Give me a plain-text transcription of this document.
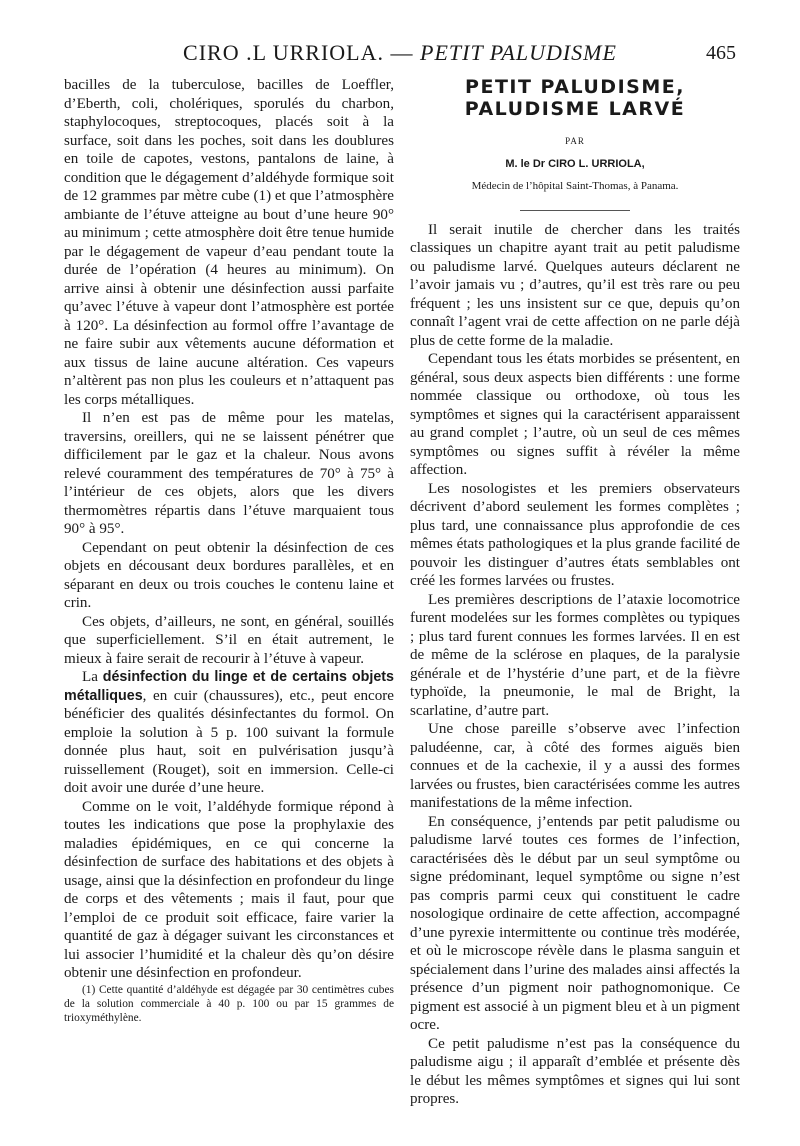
CIRO .L URRIOLA. — PETIT PALUDISME	465

bacilles de la tuberculose, bacilles de Loeffler, d’Eberth, coli, cholériques, sporulés du charbon, staphylocoques, streptocoques, placés soit à la surface, soit dans les poches, soit dans les doublures en toile de capotes, vestons, pantalons de laine, à condition que le dégagement d’aldéhyde formique soit de 12 grammes par mètre cube (1) et que l’atmosphère ambiante de l’étuve atteigne au bout d’une heure 90° au minimum ; cette atmosphère doit être tenue humide par le dégagement de vapeur d’eau pendant toute la durée de l’opération (4 heures au minimum). On arrive ainsi à obtenir une désinfection aussi parfaite qu’avec l’étuve à vapeur dont l’atmosphère est portée à 120°. La désinfection au formol offre l’avantage de ne faire subir aux vêtements aucune déformation et aux tissus de laine aucune altération. Ces vapeurs n’altèrent pas non plus les couleurs et n’attaquent pas les corps métalliques.

Il n’en est pas de même pour les matelas, traversins, oreillers, qui ne se laissent pénétrer que difficilement par le gaz et la chaleur. Nous avons relevé couramment des températures de 70° à 75° à l’intérieur de ces objets, alors que les divers thermomètres répartis dans l’étuve marquaient tous 90° à 95°.

Cependant on peut obtenir la désinfection de ces objets en décousant deux bordures parallèles, et en séparant en deux ou trois couches le contenu laine et crin.

Ces objets, d’ailleurs, ne sont, en général, souillés que superficiellement. S’il en était autrement, le mieux à faire serait de recourir à l’étuve à vapeur.

La désinfection du linge et de certains objets métalliques, en cuir (chaussures), etc., peut encore bénéficier des qualités désinfectantes du formol. On emploie la solution à 5 p. 100 suivant la formule donnée plus haut, soit en pulvérisation jusqu’à ruissellement (Rouget), soit en immersion. Celle-ci doit avoir une durée d’une heure.

Comme on le voit, l’aldéhyde formique répond à toutes les indications que pose la prophylaxie des maladies épidémiques, en ce qui concerne la désinfection de surface des habitations et des objets à usage, ainsi que la désinfection en profondeur du linge de corps et des vêtements ; mais il faut, pour que l’emploi de ce produit soit efficace, faire varier la quantité de gaz à dégager suivant les circonstances et lui associer l’humidité et la chaleur dès qu’on désire obtenir une désinfection en profondeur.

(1) Cette quantité d’aldéhyde est dégagée par 30 centimètres cubes de la solution commerciale à 40 p. 100 ou par 15 grammes de trioxyméthylène.

PETIT PALUDISME,
PALUDISME LARVÉ
PAR
M. le Dr CIRO L. URRIOLA,
Médecin de l’hôpital Saint-Thomas, à Panama.

Il serait inutile de chercher dans les traités classiques un chapitre ayant trait au petit paludisme ou paludisme larvé. Quelques auteurs déclarent ne l’avoir jamais vu ; d’autres, qu’il est très rare ou peu fréquent ; les uns insistent sur ce que, depuis qu’on connaît l’agent vrai de cette affection on ne parle déjà plus de cette forme de la maladie.

Cependant tous les états morbides se présentent, en général, sous deux aspects bien différents : une forme nommée classique ou orthodoxe, où tous les symptômes et signes qui la caractérisent apparaissent au grand complet ; l’autre, où un seul de ces mêmes symptômes ou signes suffit à révéler la même affection.

Les nosologistes et les premiers observateurs décrivent d’abord seulement les formes complètes ; plus tard, une connaissance plus approfondie de ces mêmes états pathologiques et la plus grande facilité de pouvoir les distinguer d’autres états semblables ont créé les formes larvées ou frustes.

Les premières descriptions de l’ataxie locomotrice furent modelées sur les formes complètes ou typiques ; plus tard furent connues les formes larvées. Il en est de même de la sclérose en plaques, de la paralysie générale et de l’hystérie d’une part, et de la fièvre typhoïde, la pneumonie, le mal de Bright, la scarlatine, d’autre part.

Une chose pareille s’observe avec l’infection paludéenne, car, à côté des formes aiguës bien connues et de la cachexie, il y a aussi des formes larvées ou frustes, bien caractérisées comme les autres manifestations de la même infection.

En conséquence, j’entends par petit paludisme ou paludisme larvé toutes ces formes de l’infection, caractérisées dès le début par un seul symptôme ou signe prédominant, lequel symptôme ou signe n’est pas compris parmi ceux qui constituent le cadre nosologique ordinaire de cette affection, accompagné d’une pyrexie intermittente ou continue très modérée, et où le microscope révèle dans le plasma sanguin et spécialement dans l’urine des malades ainsi affectés la présence d’un pigment noir pathognomonique. Ce pigment est associé à un pigment bleu et à un pigment ocre.

Ce petit paludisme n’est pas la conséquence du paludisme aigu ; il apparaît d’emblée et présente dès le début les mêmes symptômes et signes qui lui sont propres.
